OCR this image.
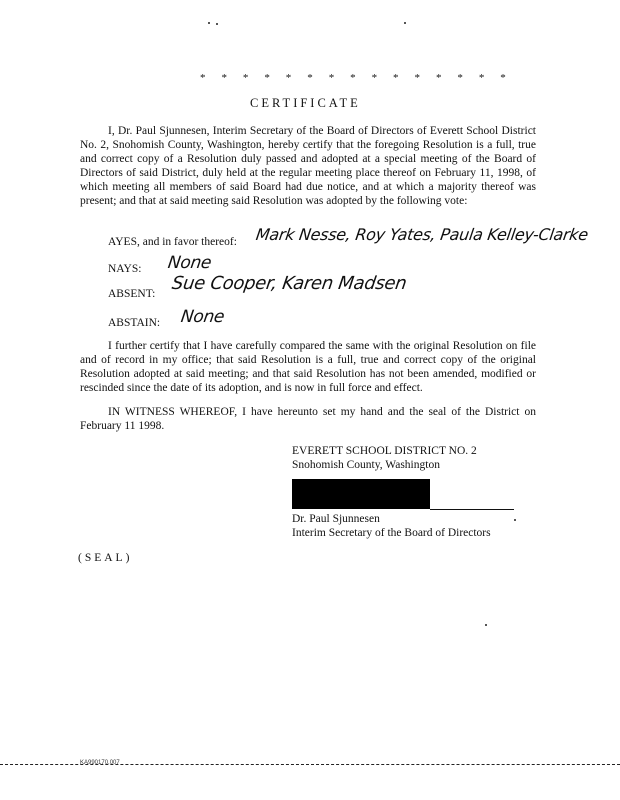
* * * * * * * * * * * * * * *
CERTIFICATE
I, Dr. Paul Sjunnesen, Interim Secretary of the Board of Directors of Everett School District No. 2, Snohomish County, Washington, hereby certify that the foregoing Resolution is a full, true and correct copy of a Resolution duly passed and adopted at a special meeting of the Board of Directors of said District, duly held at the regular meeting place thereof on February 11, 1998, of which meeting all members of said Board had due notice, and at which a majority thereof was present; and that at said meeting said Resolution was adopted by the following vote:
AYES, and in favor thereof: Mark Nesse, Roy Yates, Paula Kelley-Clarke
NAYS: None
ABSENT: Sue Cooper, Karen Madsen
ABSTAIN: None
I further certify that I have carefully compared the same with the original Resolution on file and of record in my office; that said Resolution is a full, true and correct copy of the original Resolution adopted at said meeting; and that said Resolution has not been amended, modified or rescinded since the date of its adoption, and is now in full force and effect.
IN WITNESS WHEREOF, I have hereunto set my hand and the seal of the District on February 11 1998.
EVERETT SCHOOL DISTRICT NO. 2
Snohomish County, Washington
Dr. Paul Sjunnesen
Interim Secretary of the Board of Directors
(SEAL)
KA990170.007
